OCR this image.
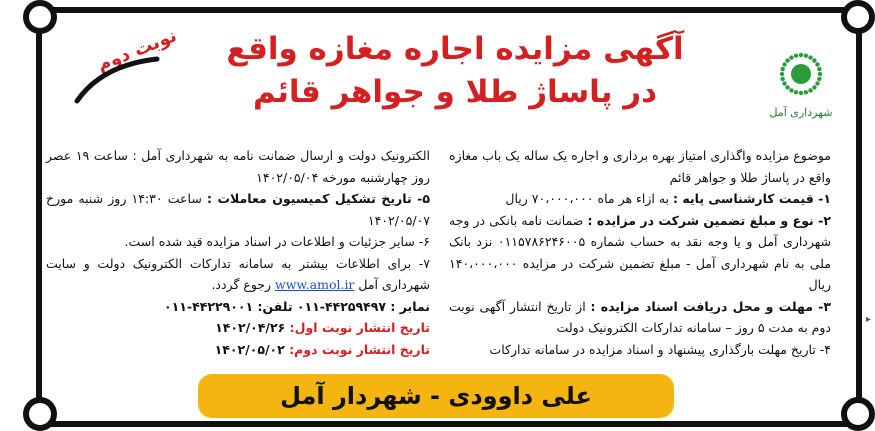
شهرداری آمل
آگهی مزایده اجاره مغازه واقع
در پاساژ طلا و جواهر قائم
نوبت دوم

موضوع مزایده واگذاری امتیاز بهره برداری و اجاره یک ساله یک باب مغازه واقع در پاساژ طلا و جواهر قائم

۱- قیمت کارشناسی پایه : به ازاء هر ماه ۷۰،۰۰۰،۰۰۰ ریال

۲- نوع و مبلغ تضمین شرکت در مزایده : ضمانت نامه بانکی در وجه شهرداری آمل و یا وجه نقد به حساب شماره ۰۱۱۵۷۸۶۲۴۶۰۰۵ نزد بانک ملی به نام شهرداری آمل - مبلغ تضمین شرکت در مزایده ۱۴۰،۰۰۰،۰۰۰ ریال

۳- مهلت و محل دریافت اسناد مزایده : از تاریخ انتشار آگهی نوبت دوم به مدت ۵ روز – سامانه تدارکات الکترونیک دولت

۴- تاریخ مهلت بارگذاری پیشنهاد و اسناد مزایده در سامانه تدارکات

الکترونیک دولت و ارسال ضمانت نامه به شهرداری آمل : ساعت ۱۹ عصر روز چهارشنبه مورخه ۱۴۰۲/۰۵/۰۴

۵- تاریخ تشکیل کمیسیون معاملات : ساعت ۱۴:۳۰ روز شنبه مورخ ۱۴۰۲/۰۵/۰۷

۶- سایر جزئیات و اطلاعات در اسناد مزایده قید شده است.

۷- برای اطلاعات بیشتر به سامانه تدارکات الکترونیک دولت و سایت شهرداری آمل www.amol.ir رجوع گردد.

نمابر : ۴۴۲۵۹۴۹۷-۰۱۱ تلفن: ۴۴۲۲۹۰۰۱-۰۱۱

تاریخ انتشار نوبت اول: ۱۴۰۲/۰۴/۲۶

تاریخ انتشار نوبت دوم: ۱۴۰۲/۰۵/۰۲

علی داوودی - شهردار آمل
▸
